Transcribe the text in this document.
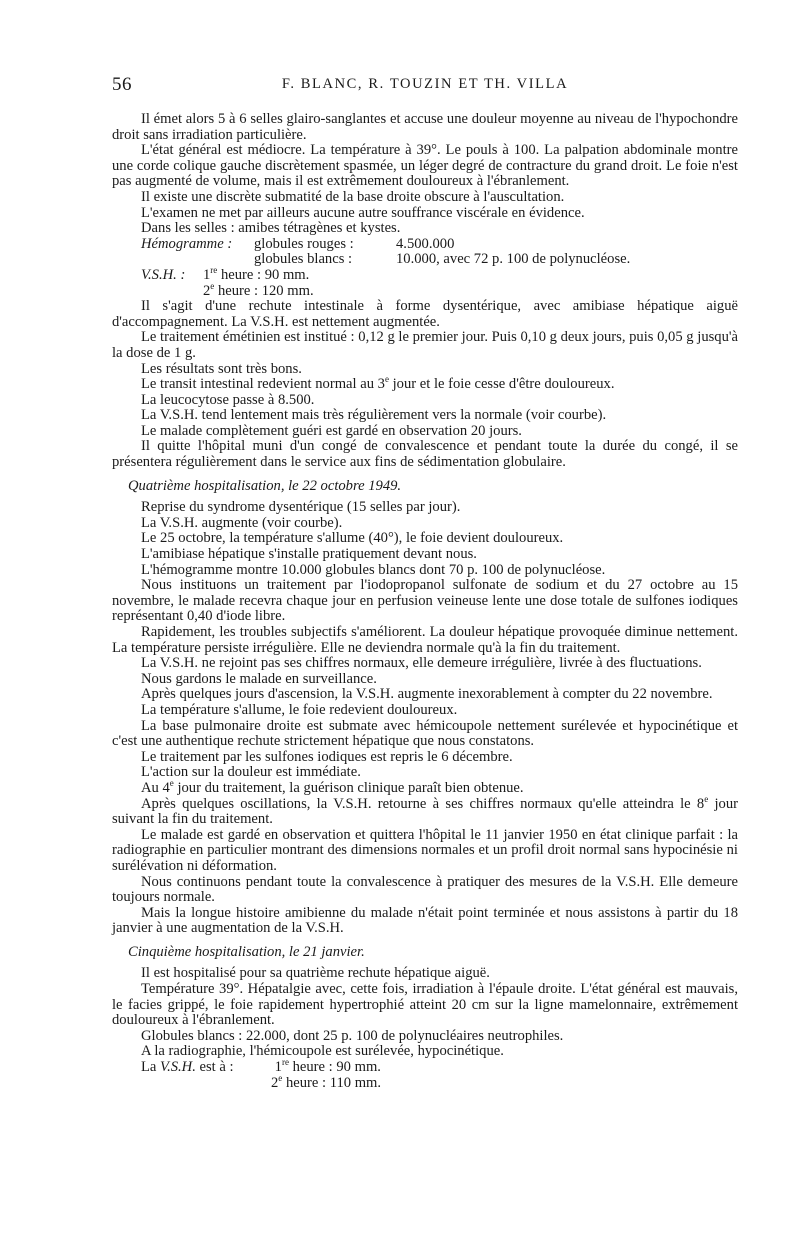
56	F. BLANC, R. TOUZIN ET TH. VILLA

Il émet alors 5 à 6 selles glairo-sanglantes et accuse une douleur moyenne au niveau de l'hypochondre droit sans irradiation particulière.

L'état général est médiocre. La température à 39°. Le pouls à 100. La palpation abdominale montre une corde colique gauche discrètement spasmée, un léger degré de contracture du grand droit. Le foie n'est pas augmenté de volume, mais il est extrêmement douloureux à l'ébranlement.

Il existe une discrète submatité de la base droite obscure à l'auscultation.

L'examen ne met par ailleurs aucune autre souffrance viscérale en évidence.

Dans les selles : amibes tétragènes et kystes.

Hémogramme :	globules rouges :	4.500.000
globules blancs :	10.000, avec 72 p. 100 de polynucléose.
V.S.H. :	1re heure : 90 mm.
2e heure : 120 mm.

Il s'agit d'une rechute intestinale à forme dysentérique, avec amibiase hépatique aiguë d'accompagnement. La V.S.H. est nettement augmentée.

Le traitement émétinien est institué : 0,12 g le premier jour. Puis 0,10 g deux jours, puis 0,05 g jusqu'à la dose de 1 g.

Les résultats sont très bons.

Le transit intestinal redevient normal au 3e jour et le foie cesse d'être douloureux.

La leucocytose passe à 8.500.

La V.S.H. tend lentement mais très régulièrement vers la normale (voir courbe).

Le malade complètement guéri est gardé en observation 20 jours.

Il quitte l'hôpital muni d'un congé de convalescence et pendant toute la durée du congé, il se présentera régulièrement dans le service aux fins de sédimentation globulaire.

Quatrième hospitalisation, le 22 octobre 1949.

Reprise du syndrome dysentérique (15 selles par jour).

La V.S.H. augmente (voir courbe).

Le 25 octobre, la température s'allume (40°), le foie devient douloureux.

L'amibiase hépatique s'installe pratiquement devant nous.

L'hémogramme montre 10.000 globules blancs dont 70 p. 100 de polynucléose.

Nous instituons un traitement par l'iodopropanol sulfonate de sodium et du 27 octobre au 15 novembre, le malade recevra chaque jour en perfusion veineuse lente une dose totale de sulfones iodiques représentant 0,40 d'iode libre.

Rapidement, les troubles subjectifs s'améliorent. La douleur hépatique provoquée diminue nettement. La température persiste irrégulière. Elle ne deviendra normale qu'à la fin du traitement.

La V.S.H. ne rejoint pas ses chiffres normaux, elle demeure irrégulière, livrée à des fluctuations.

Nous gardons le malade en surveillance.

Après quelques jours d'ascension, la V.S.H. augmente inexorablement à compter du 22 novembre.

La température s'allume, le foie redevient douloureux.

La base pulmonaire droite est submate avec hémicoupole nettement surélevée et hypocinétique et c'est une authentique rechute strictement hépatique que nous constatons.

Le traitement par les sulfones iodiques est repris le 6 décembre.

L'action sur la douleur est immédiate.

Au 4e jour du traitement, la guérison clinique paraît bien obtenue.

Après quelques oscillations, la V.S.H. retourne à ses chiffres normaux qu'elle atteindra le 8e jour suivant la fin du traitement.

Le malade est gardé en observation et quittera l'hôpital le 11 janvier 1950 en état clinique parfait : la radiographie en particulier montrant des dimensions normales et un profil droit normal sans hypocinésie ni surélévation ni déformation.

Nous continuons pendant toute la convalescence à pratiquer des mesures de la V.S.H. Elle demeure toujours normale.

Mais la longue histoire amibienne du malade n'était point terminée et nous assistons à partir du 18 janvier à une augmentation de la V.S.H.

Cinquième hospitalisation, le 21 janvier.

Il est hospitalisé pour sa quatrième rechute hépatique aiguë.

Température 39°. Hépatalgie avec, cette fois, irradiation à l'épaule droite. L'état général est mauvais, le facies grippé, le foie rapidement hypertrophié atteint 20 cm sur la ligne mamelonnaire, extrêmement douloureux à l'ébranlement.

Globules blancs : 22.000, dont 25 p. 100 de polynucléaires neutrophiles.

A la radiographie, l'hémicoupole est surélevée, hypocinétique.

La V.S.H. est à :	1re heure : 90 mm.
2e heure : 110 mm.
